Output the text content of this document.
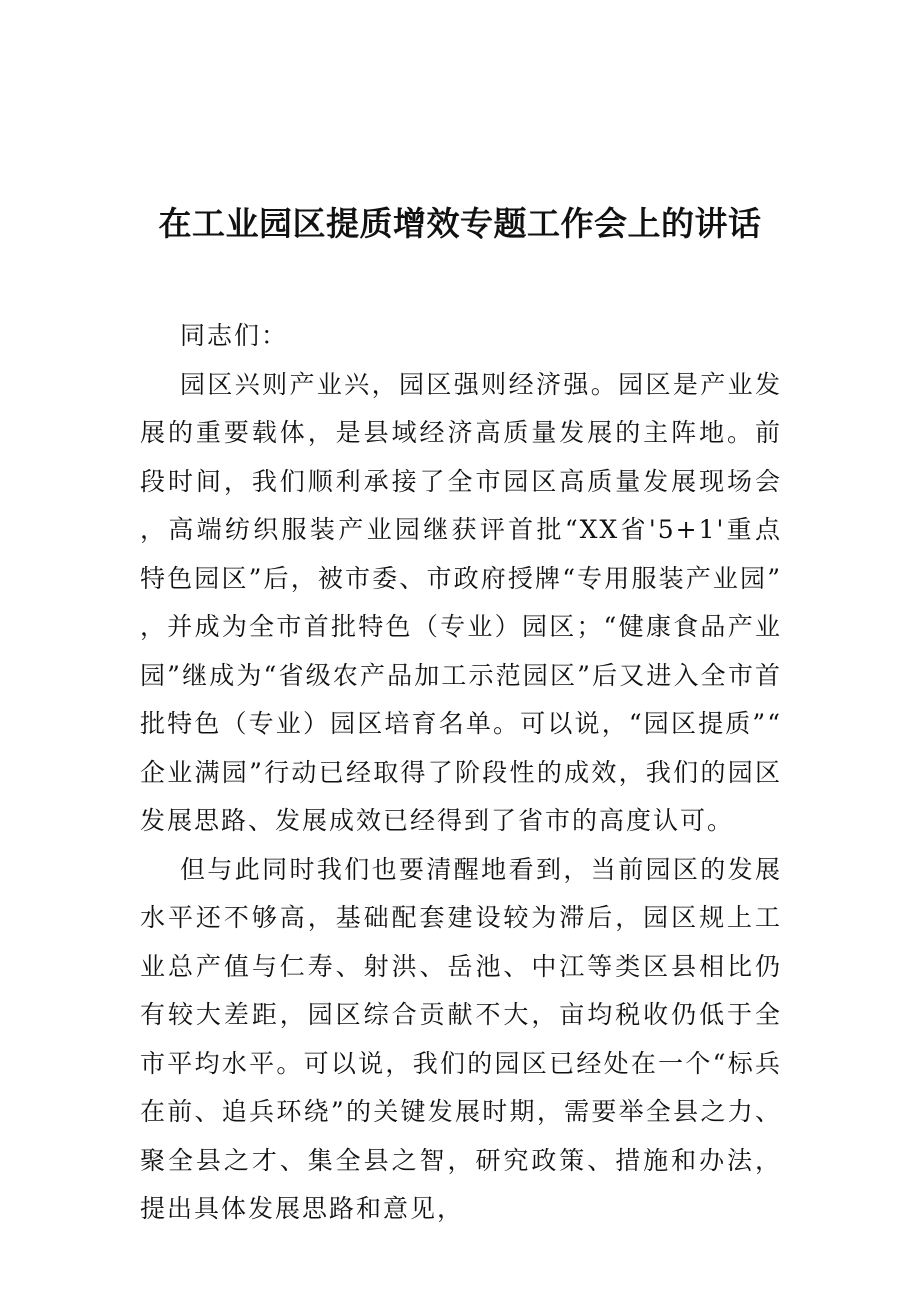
在工业园区提质增效专题工作会上的讲话

同志们：

园区兴则产业兴，园区强则经济强。园区是产业发展的重要载体，是县域经济高质量发展的主阵地。前段时间，我们顺利承接了全市园区高质量发展现场会，高端纺织服装产业园继获评首批“XX省'5+1'重点特色园区”后，被市委、市政府授牌“专用服装产业园”，并成为全市首批特色（专业）园区；“健康食品产业园”继成为“省级农产品加工示范园区”后又进入全市首批特色（专业）园区培育名单。可以说，“园区提质”“企业满园”行动已经取得了阶段性的成效，我们的园区发展思路、发展成效已经得到了省市的高度认可。

但与此同时我们也要清醒地看到，当前园区的发展水平还不够高，基础配套建设较为滞后，园区规上工业总产值与仁寿、射洪、岳池、中江等类区县相比仍有较大差距，园区综合贡献不大，亩均税收仍低于全市平均水平。可以说，我们的园区已经处在一个“标兵在前、追兵环绕”的关键发展时期，需要举全县之力、聚全县之才、集全县之智，研究政策、措施和办法，提出具体发展思路和意见，
